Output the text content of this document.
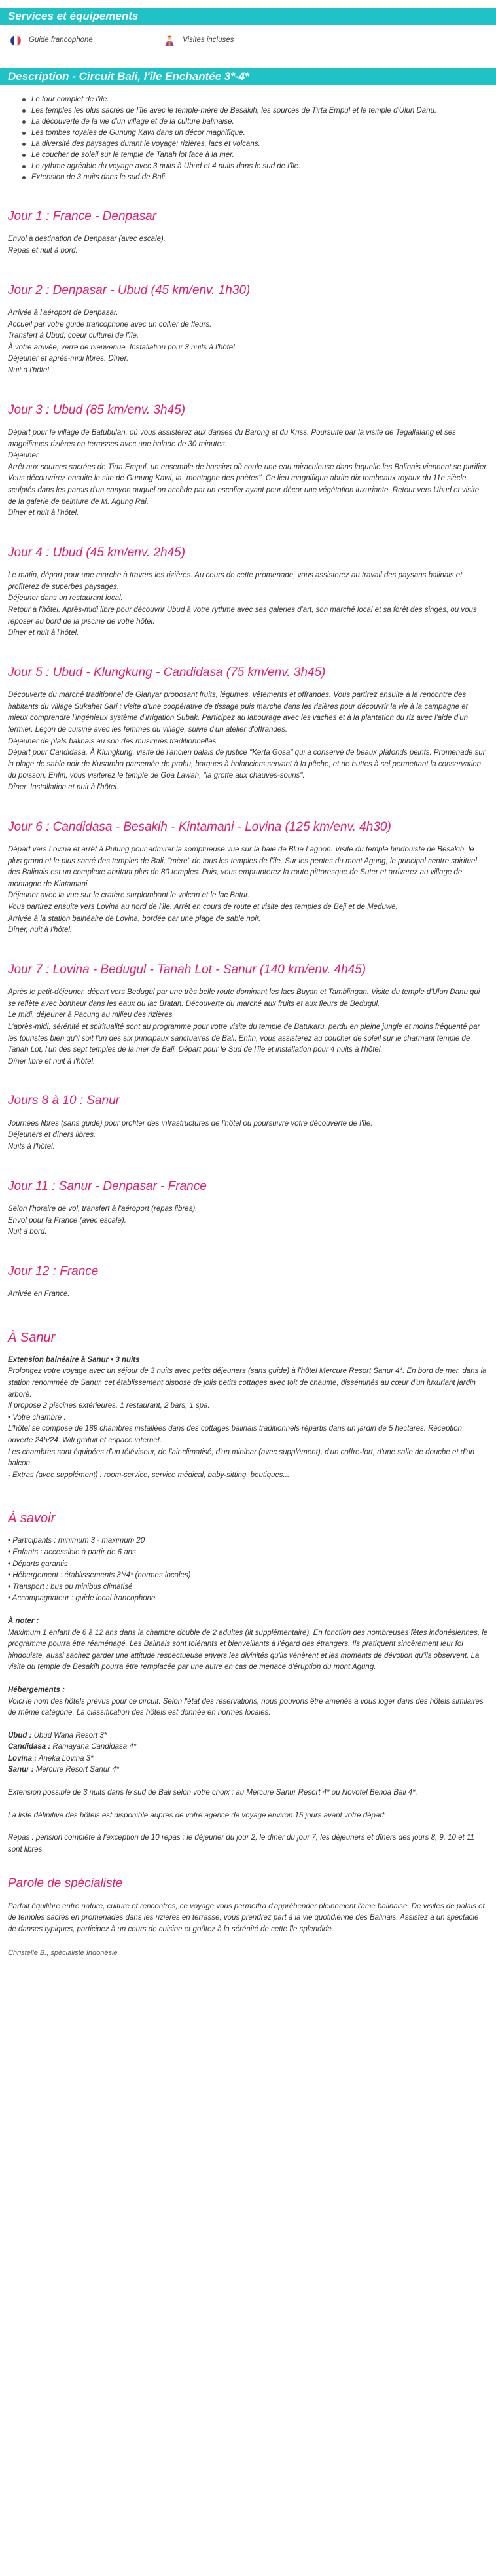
Services et équipements
Guide francophone	Visites incluses
Description - Circuit Bali, l'île Enchantée 3*-4*
Le tour complet de l'île.
Les temples les plus sacrés de l'île avec le temple-mère de Besakih, les sources de Tirta Empul et le temple d'Ulun Danu.
La découverte de la vie d'un village et de la culture balinaise.
Les tombes royales de Gunung Kawi dans un décor magnifique.
La diversité des paysages durant le voyage: rizières, lacs et volcans.
Le coucher de soleil sur le temple de Tanah lot face à la mer.
Le rythme agréable du voyage avec 3 nuits à Ubud et 4 nuits dans le sud de l'île.
Extension de 3 nuits dans le sud de Bali.
Jour 1 : France - Denpasar

Envol à destination de Denpasar (avec escale).

Repas et nuit à bord.

Jour 2 : Denpasar - Ubud (45 km/env. 1h30)

Arrivée à l'aéroport de Denpasar.

Accueil par votre guide francophone avec un collier de fleurs.

Transfert à Ubud, coeur culturel de l'île.

À votre arrivée, verre de bienvenue. Installation pour 3 nuits à l'hôtel.

Déjeuner et après-midi libres. Dîner.

Nuit à l'hôtel.

Jour 3 : Ubud (85 km/env. 3h45)

Départ pour le village de Batubulan, où vous assisterez aux danses du Barong et du Kriss. Poursuite par la visite de Tegallalang et ses magnifiques rizières en terrasses avec une balade de 30 minutes.

Déjeuner.

Arrêt aux sources sacrées de Tirta Empul, un ensemble de bassins où coule une eau miraculeuse dans laquelle les Balinais viennent se purifier. Vous découvrirez ensuite le site de Gunung Kawi, la "montagne des poètes". Ce lieu magnifique abrite dix tombeaux royaux du 11e siècle, sculptés dans les parois d'un canyon auquel on accède par un escalier ayant pour décor une végétation luxuriante. Retour vers Ubud et visite de la galerie de peinture de M. Agung Rai.

Dîner et nuit à l'hôtel.

Jour 4 : Ubud (45 km/env. 2h45)

Le matin, départ pour une marche à travers les rizières. Au cours de cette promenade, vous assisterez au travail des paysans balinais et profiterez de superbes paysages.

Déjeuner dans un restaurant local.

Retour à l'hôtel. Après-midi libre pour découvrir Ubud à votre rythme avec ses galeries d'art, son marché local et sa forêt des singes, ou vous reposer au bord de la piscine de votre hôtel.

Dîner et nuit à l'hôtel.

Jour 5 : Ubud - Klungkung - Candidasa (75 km/env. 3h45)

Découverte du marché traditionnel de Gianyar proposant fruits, légumes, vêtements et offrandes. Vous partirez ensuite à la rencontre des habitants du village Sukahet Sari : visite d'une coopérative de tissage puis marche dans les rizières pour découvrir la vie à la campagne et mieux comprendre l'ingénieux système d'irrigation Subak. Participez au labourage avec les vaches et à la plantation du riz avec l'aide d'un fermier. Leçon de cuisine avec les femmes du village, suivie d'un atelier d'offrandes.

Déjeuner de plats balinais au son des musiques traditionnelles.

Départ pour Candidasa. À Klungkung, visite de l'ancien palais de justice "Kerta Gosa" qui a conservé de beaux plafonds peints. Promenade sur la plage de sable noir de Kusamba parsemée de prahu, barques à balanciers servant à la pêche, et de huttes à sel permettant la conservation du poisson. Enfin, vous visiterez le temple de Goa Lawah, "la grotte aux chauves-souris".

Dîner. Installation et nuit à l'hôtel.

Jour 6 : Candidasa - Besakih - Kintamani - Lovina (125 km/env. 4h30)

Départ vers Lovina et arrêt à Putung pour admirer la somptueuse vue sur la baie de Blue Lagoon. Visite du temple hindouiste de Besakih, le plus grand et le plus sacré des temples de Bali, "mère" de tous les temples de l'île. Sur les pentes du mont Agung, le principal centre spirituel des Balinais est un complexe abritant plus de 80 temples. Puis, vous emprunterez la route pittoresque de Suter et arriverez au village de montagne de Kintamani.

Déjeuner avec la vue sur le cratère surplombant le volcan et le lac Batur.

Vous partirez ensuite vers Lovina au nord de l'île. Arrêt en cours de route et visite des temples de Beji et de Meduwe.

Arrivée à la station balnéaire de Lovina, bordée par une plage de sable noir.

Dîner, nuit à l'hôtel.

Jour 7 : Lovina - Bedugul - Tanah Lot - Sanur (140 km/env. 4h45)

Après le petit-déjeuner, départ vers Bedugul par une très belle route dominant les lacs Buyan et Tamblingan. Visite du temple d'Ulun Danu qui se reflète avec bonheur dans les eaux du lac Bratan. Découverte du marché aux fruits et aux fleurs de Bedugul.

Le midi, déjeuner à Pacung au milieu des rizières.

L'après-midi, sérénité et spiritualité sont au programme pour votre visite du temple de Batukaru, perdu en pleine jungle et moins fréquenté par les touristes bien qu'il soit l'un des six principaux sanctuaires de Bali. Enfin, vous assisterez au coucher de soleil sur le charmant temple de Tanah Lot, l'un des sept temples de la mer de Bali. Départ pour le Sud de l'île et installation pour 4 nuits à l'hôtel.

Dîner libre et nuit à l'hôtel.

Jours 8 à 10 : Sanur

Journées libres (sans guide) pour profiter des infrastructures de l'hôtel ou poursuivre votre découverte de l'île.

Déjeuners et dîners libres.

Nuits à l'hôtel.

Jour 11 : Sanur - Denpasar - France

Selon l'horaire de vol, transfert à l'aéroport (repas libres).

Envol pour la France (avec escale).

Nuit à bord.

Jour 12 : France

Arrivée en France.

À Sanur
Extension balnéaire à Sanur • 3 nuits

Prolongez votre voyage avec un séjour de 3 nuits avec petits déjeuners (sans guide) à l'hôtel Mercure Resort Sanur 4*. En bord de mer, dans la station renommée de Sanur, cet établissement dispose de jolis petits cottages avec toit de chaume, disséminés au cœur d'un luxuriant jardin arboré.

Il propose 2 piscines extérieures, 1 restaurant, 2 bars, 1 spa.

• Votre chambre :

L'hôtel se compose de 189 chambres installées dans des cottages balinais traditionnels répartis dans un jardin de 5 hectares. Réception ouverte 24h/24. Wifi gratuit et espace internet.

Les chambres sont équipées d'un téléviseur, de l'air climatisé, d'un minibar (avec supplément), d'un coffre-fort, d'une salle de douche et d'un balcon.

- Extras (avec supplément) : room-service, service médical, baby-sitting, boutiques...

À savoir

• Participants : minimum 3 - maximum 20

• Enfants : accessible à partir de 6 ans

• Départs garantis

• Hébergement : établissements 3*/4* (normes locales)

• Transport : bus ou minibus climatisé

• Accompagnateur : guide local francophone

À noter :

Maximum 1 enfant de 6 à 12 ans dans la chambre double de 2 adultes (lit supplémentaire). En fonction des nombreuses fêtes indonésiennes, le programme pourra être réaménagé. Les Balinais sont tolérants et bienveillants à l'égard des étrangers. Ils pratiquent sincèrement leur foi hindouiste, aussi sachez garder une attitude respectueuse envers les divinités qu'ils vénèrent et les moments de dévotion qu'ils observent. La visite du temple de Besakih pourra être remplacée par une autre en cas de menace d'éruption du mont Agung.

Hébergements :

Voici le nom des hôtels prévus pour ce circuit. Selon l'état des réservations, nous pouvons être amenés à vous loger dans des hôtels similaires de même catégorie. La classification des hôtels est donnée en normes locales.

Ubud : Ubud Wana Resort 3*

Candidasa : Ramayana Candidasa 4*

Lovina : Aneka Lovina 3*

Sanur : Mercure Resort Sanur 4*

Extension possible de 3 nuits dans le sud de Bali selon votre choix : au Mercure Sanur Resort 4* ou Novotel Benoa Bali 4*.

La liste définitive des hôtels est disponible auprès de votre agence de voyage environ 15 jours avant votre départ.

Repas : pension complète à l'exception de 10 repas : le déjeuner du jour 2, le dîner du jour 7, les déjeuners et dîners des jours 8, 9, 10 et 11 sont libres.

Parole de spécialiste

Parfait équilibre entre nature, culture et rencontres, ce voyage vous permettra d'appréhender pleinement l'âme balinaise. De visites de palais et de temples sacrés en promenades dans les rizières en terrasse, vous prendrez part à la vie quotidienne des Balinais. Assistez à un spectacle de danses typiques, participez à un cours de cuisine et goûtez à la sérénité de cette île splendide.

Christelle B., spécialiste Indonésie
